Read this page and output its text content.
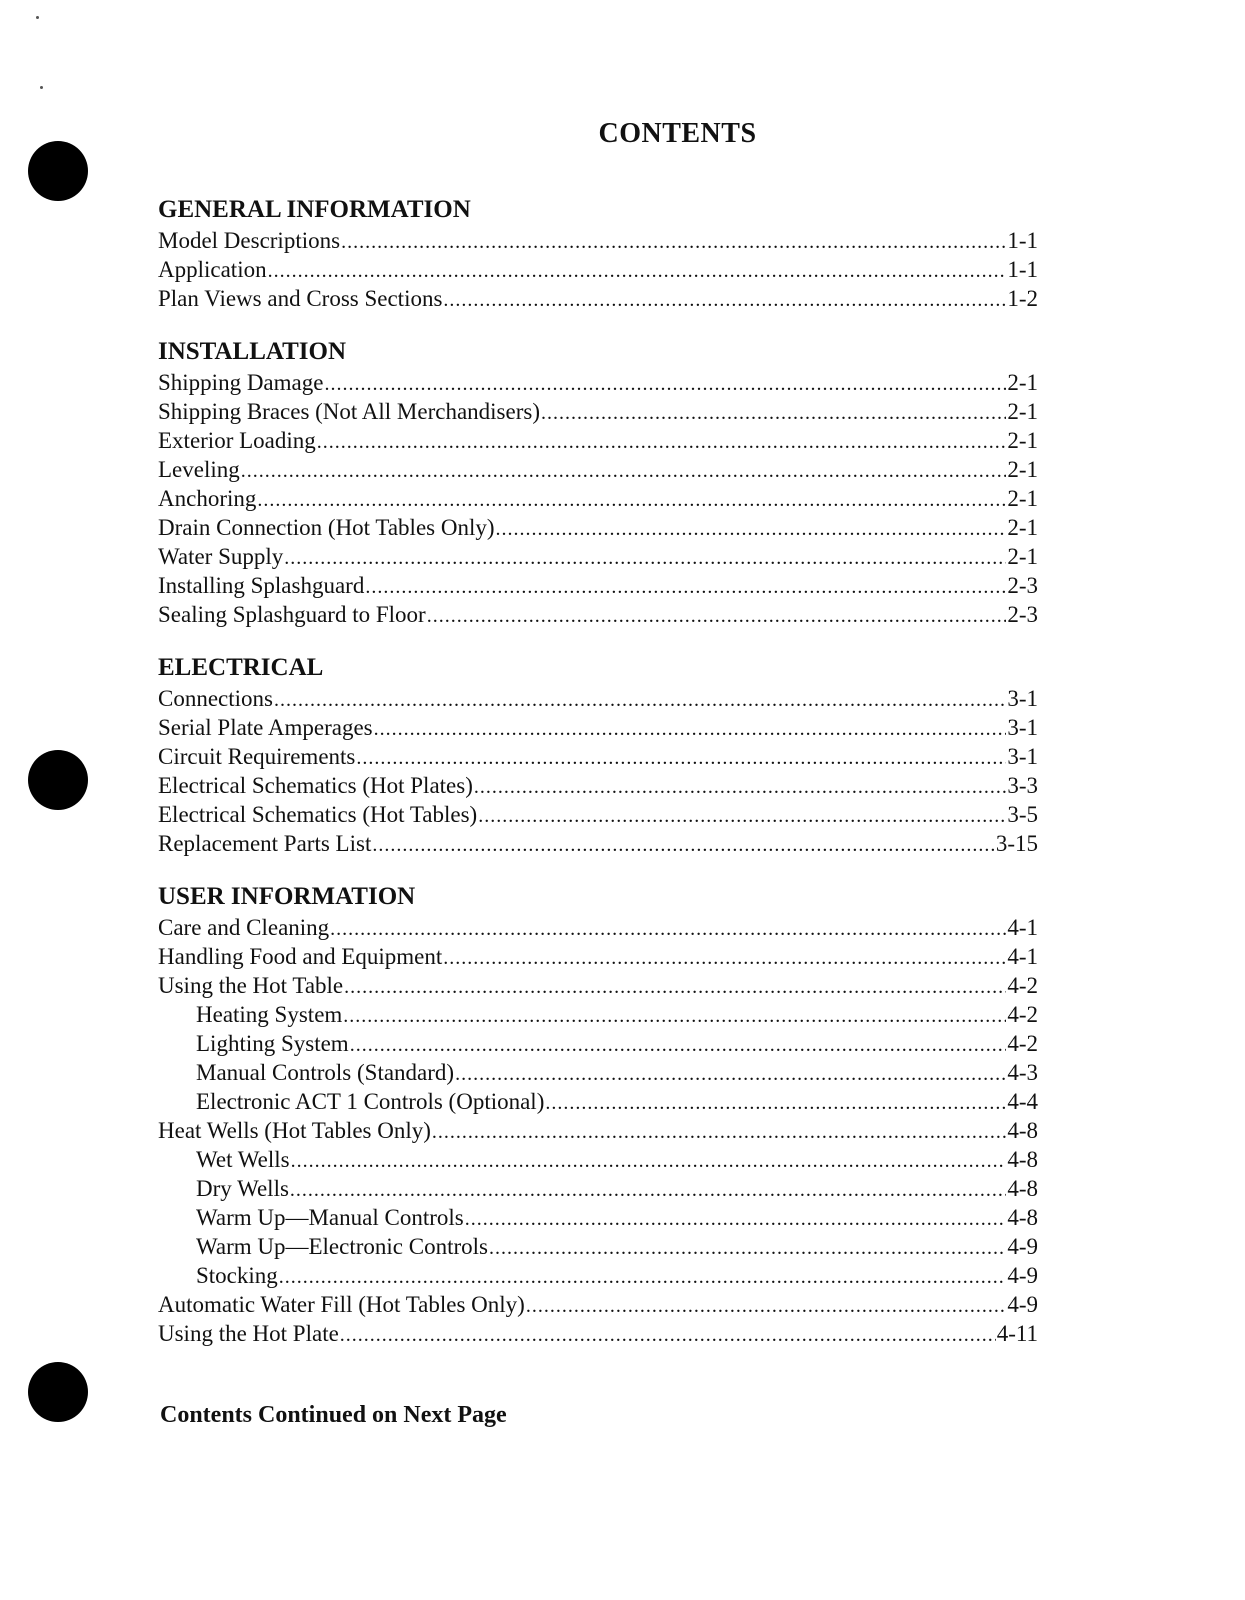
CONTENTS
GENERAL INFORMATION
Model Descriptions .....	1-1
Application .....	1-1
Plan Views and Cross Sections .....	1-2
INSTALLATION
Shipping Damage .....	2-1
Shipping Braces (Not All Merchandisers) .....	2-1
Exterior Loading .....	2-1
Leveling .....	2-1
Anchoring .....	2-1
Drain Connection (Hot Tables Only) .....	2-1
Water Supply .....	2-1
Installing Splashguard .....	2-3
Sealing Splashguard to Floor .....	2-3
ELECTRICAL
Connections .....	3-1
Serial Plate Amperages .....	3-1
Circuit Requirements .....	3-1
Electrical Schematics (Hot Plates) .....	3-3
Electrical Schematics (Hot Tables) .....	3-5
Replacement Parts List .....	3-15
USER INFORMATION
Care and Cleaning .....	4-1
Handling Food and Equipment .....	4-1
Using the Hot Table .....	4-2
Heating System .....	4-2
Lighting System .....	4-2
Manual Controls (Standard) .....	4-3
Electronic ACT 1 Controls (Optional) .....	4-4
Heat Wells (Hot Tables Only) .....	4-8
Wet Wells .....	4-8
Dry Wells .....	4-8
Warm Up—Manual Controls .....	4-8
Warm Up—Electronic Controls .....	4-9
Stocking .....	4-9
Automatic Water Fill (Hot Tables Only) .....	4-9
Using the Hot Plate .....	4-11
Contents Continued on Next Page
